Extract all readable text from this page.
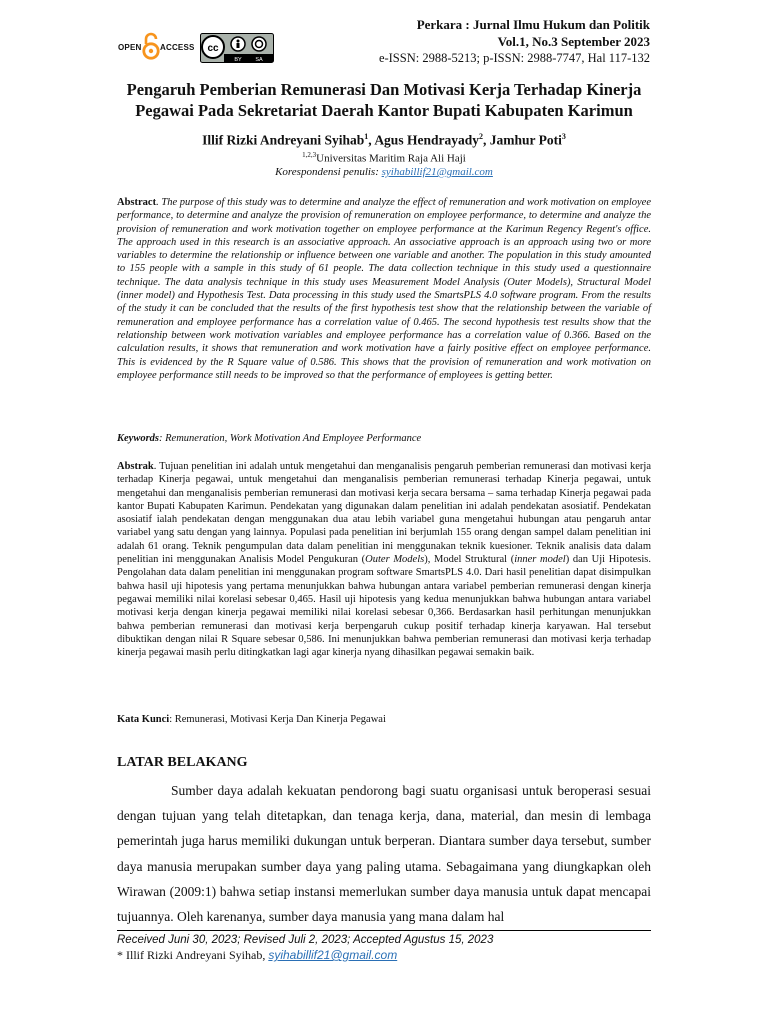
OPEN ACCESS cc
BY SA
Perkara : Jurnal Ilmu Hukum dan Politik
Vol.1, No.3 September 2023
e-ISSN: 2988-5213; p-ISSN: 2988-7747, Hal 117-132
Pengaruh Pemberian Remunerasi Dan Motivasi Kerja Terhadap Kinerja
Pegawai Pada Sekretariat Daerah Kantor Bupati Kabupaten Karimun
Illif Rizki Andreyani Syihab$^1$, Agus Hendrayady$^2$, Jamhur Poti$^3$
$^{1,2,3}$Universitas Maritim Raja Ali Haji
Korespondensi penulis: syihabillif21@gmail.com
Abstract. The purpose of this study was to determine and analyze the effect of remuneration and work motivation on employee performance, to determine and analyze the provision of remuneration on employee performance, to determine and analyze the provision of remuneration and work motivation together on employee performance at the Karimun Regency Regent's office. The approach used in this research is an associative approach. An associative approach is an approach using two or more variables to determine the relationship or influence between one variable and another. The population in this study amounted to 155 people with a sample in this study of 61 people. The data collection technique in this study used a questionnaire technique. The data analysis technique in this study uses Measurement Model Analysis (Outer Models), Structural Model (inner model) and Hypothesis Test. Data processing in this study used the SmartsPLS 4.0 software program. From the results of the study it can be concluded that the results of the first hypothesis test show that the relationship between the variable of remuneration and employee performance has a correlation value of 0.465. The second hypothesis test results show that the relationship between work motivation variables and employee performance has a correlation value of 0.366. Based on the calculation results, it shows that remuneration and work motivation have a fairly positive effect on employee performance. This is evidenced by the R Square value of 0.586. This shows that the provision of remuneration and work motivation on employee performance still needs to be improved so that the performance of employees is getting better.
Keywords: Remuneration, Work Motivation And Employee Performance
Abstrak. Tujuan penelitian ini adalah untuk mengetahui dan menganalisis pengaruh pemberian remunerasi dan motivasi kerja terhadap Kinerja pegawai, untuk mengetahui dan menganalisis pemberian remunerasi terhadap Kinerja pegawai, untuk mengetahui dan menganalisis pemberian remunerasi dan motivasi kerja secara bersama – sama terhadap Kinerja pegawai pada kantor Bupati Kabupaten Karimun. Pendekatan yang digunakan dalam penelitian ini adalah pendekatan asosiatif. Pendekatan asosiatif ialah pendekatan dengan menggunakan dua atau lebih variabel guna mengetahui hubungan atau pengaruh antar variabel yang satu dengan yang lainnya. Populasi pada penelitian ini berjumlah 155 orang dengan sampel dalam penelitian ini adalah 61 orang. Teknik pengumpulan data dalam penelitian ini menggunakan teknik kuesioner. Teknik analisis data dalam penelitian ini menggunakan Analisis Model Pengukuran (Outer Models), Model Struktural (inner model) dan Uji Hipotesis. Pengolahan data dalam penelitian ini menggunakan program software SmartsPLS 4.0. Dari hasil penelitian dapat disimpulkan bahwa hasil uji hipotesis yang pertama menunjukkan bahwa hubungan antara variabel pemberian remunerasi dengan kinerja pegawai memiliki nilai korelasi sebesar 0,465. Hasil uji hipotesis yang kedua menunjukkan bahwa hubungan antara variabel motivasi kerja dengan kinerja pegawai memiliki nilai korelasi sebesar 0,366. Berdasarkan hasil perhitungan menunjukkan bahwa pemberian remunerasi dan motivasi kerja berpengaruh cukup positif terhadap kinerja karyawan. Hal tersebut dibuktikan dengan nilai R Square sebesar 0,586. Ini menunjukkan bahwa pemberian remunerasi dan motivasi kerja terhadap kinerja pegawai masih perlu ditingkatkan lagi agar kinerja nyang dihasilkan pegawai semakin baik.
Kata Kunci: Remunerasi, Motivasi Kerja Dan Kinerja Pegawai
LATAR BELAKANG
Sumber daya adalah kekuatan pendorong bagi suatu organisasi untuk beroperasi sesuai dengan tujuan yang telah ditetapkan, dan tenaga kerja, dana, material, dan mesin di lembaga pemerintah juga harus memiliki dukungan untuk berperan. Diantara sumber daya tersebut, sumber daya manusia merupakan sumber daya yang paling utama. Sebagaimana yang diungkapkan oleh Wirawan (2009:1) bahwa setiap instansi memerlukan sumber daya manusia untuk dapat mencapai tujuannya. Oleh karenanya, sumber daya manusia yang mana dalam hal
Received Juni 30, 2023; Revised Juli 2, 2023; Accepted Agustus 15, 2023
* Illif Rizki Andreyani Syihab, syihabillif21@gmail.com
